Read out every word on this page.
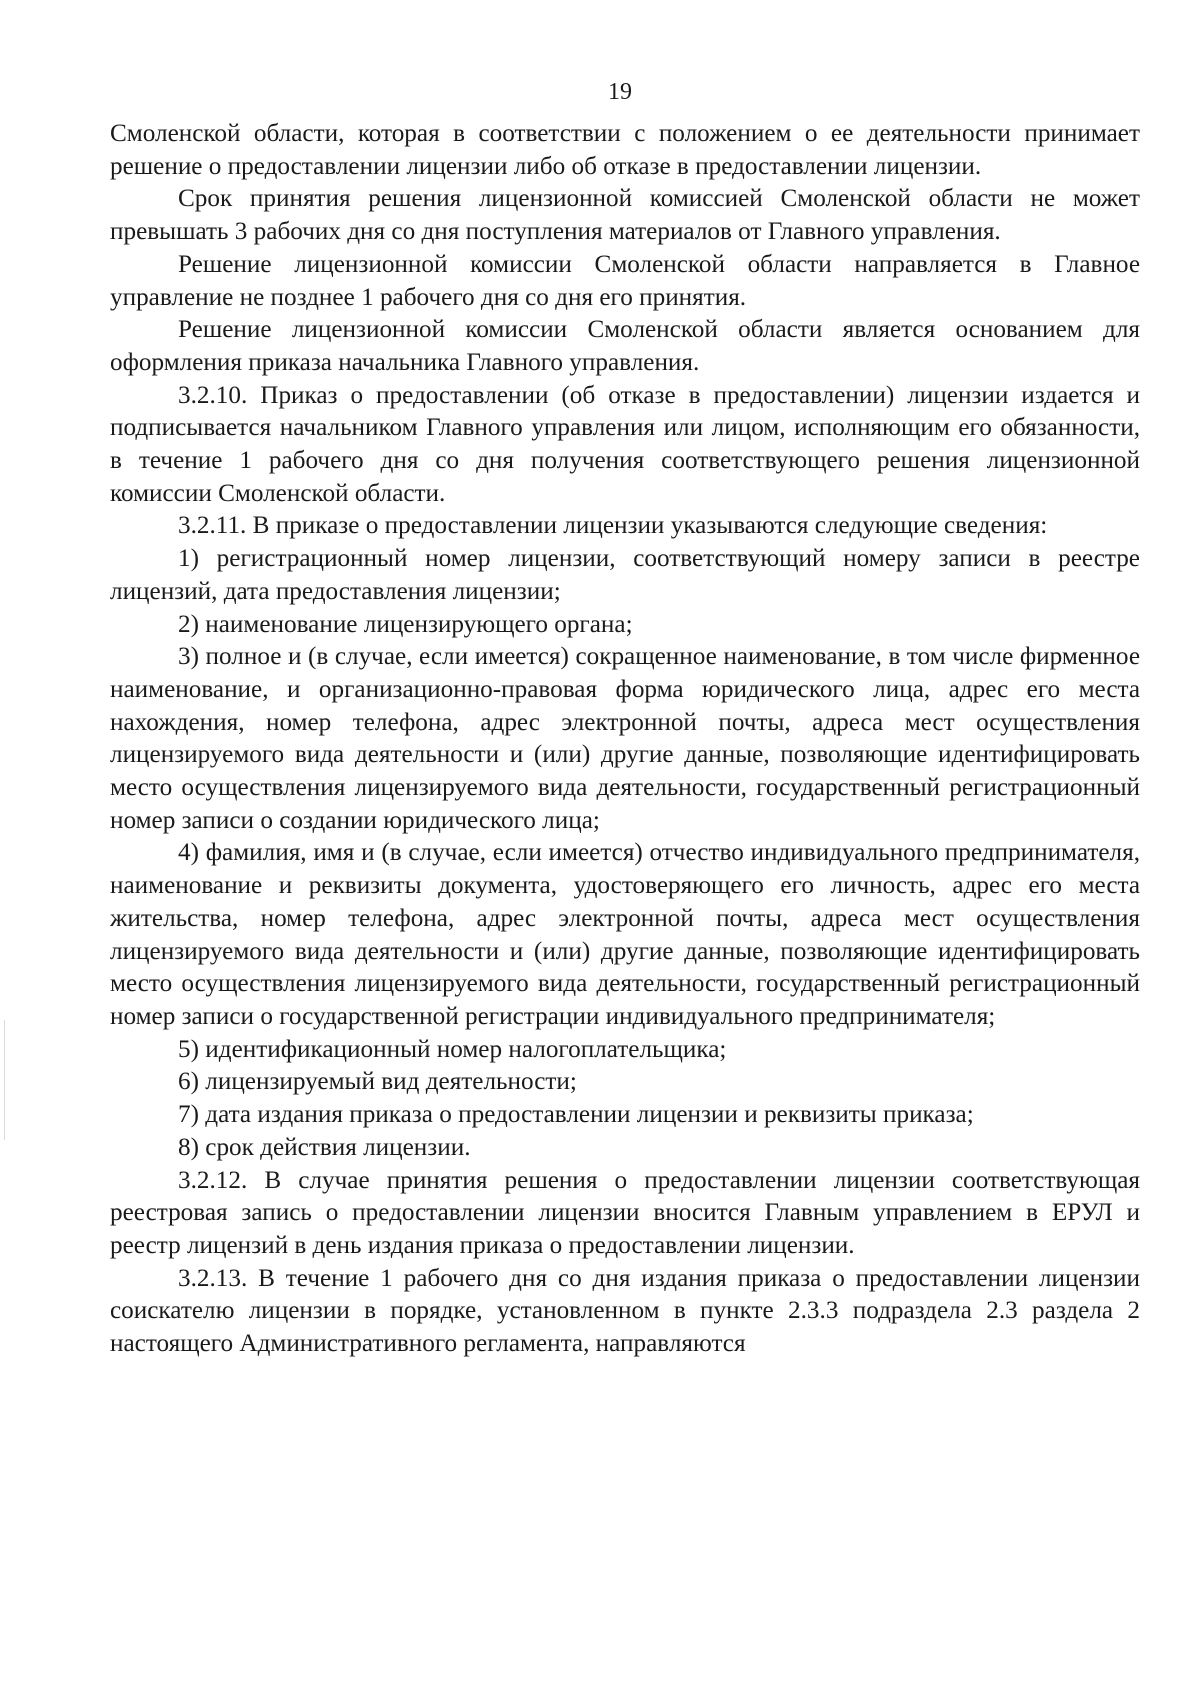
19

Смоленской области, которая в соответствии с положением о ее деятельности принимает решение о предоставлении лицензии либо об отказе в предоставлении лицензии.

Срок принятия решения лицензионной комиссией Смоленской области не может превышать 3 рабочих дня со дня поступления материалов от Главного управления.

Решение лицензионной комиссии Смоленской области направляется в Главное управление не позднее 1 рабочего дня со дня его принятия.

Решение лицензионной комиссии Смоленской области является основанием для оформления приказа начальника Главного управления.

3.2.10. Приказ о предоставлении (об отказе в предоставлении) лицензии издается и подписывается начальником Главного управления или лицом, исполняющим его обязанности, в течение 1 рабочего дня со дня получения соответствующего решения лицензионной комиссии Смоленской области.

3.2.11. В приказе о предоставлении лицензии указываются следующие сведения:

1) регистрационный номер лицензии, соответствующий номеру записи в реестре лицензий, дата предоставления лицензии;

2) наименование лицензирующего органа;

3) полное и (в случае, если имеется) сокращенное наименование, в том числе фирменное наименование, и организационно-правовая форма юридического лица, адрес его места нахождения, номер телефона, адрес электронной почты, адреса мест осуществления лицензируемого вида деятельности и (или) другие данные, позволяющие идентифицировать место осуществления лицензируемого вида деятельности, государственный регистрационный номер записи о создании юридического лица;

4) фамилия, имя и (в случае, если имеется) отчество индивидуального предпринимателя, наименование и реквизиты документа, удостоверяющего его личность, адрес его места жительства, номер телефона, адрес электронной почты, адреса мест осуществления лицензируемого вида деятельности и (или) другие данные, позволяющие идентифицировать место осуществления лицензируемого вида деятельности, государственный регистрационный номер записи о государственной регистрации индивидуального предпринимателя;

5) идентификационный номер налогоплательщика;

6) лицензируемый вид деятельности;

7) дата издания приказа о предоставлении лицензии и реквизиты приказа;

8) срок действия лицензии.

3.2.12. В случае принятия решения о предоставлении лицензии соответствующая реестровая запись о предоставлении лицензии вносится Главным управлением в ЕРУЛ и реестр лицензий в день издания приказа о предоставлении лицензии.

3.2.13. В течение 1 рабочего дня со дня издания приказа о предоставлении лицензии соискателю лицензии в порядке, установленном в пункте 2.3.3 подраздела 2.3 раздела 2 настоящего Административного регламента, направляются
